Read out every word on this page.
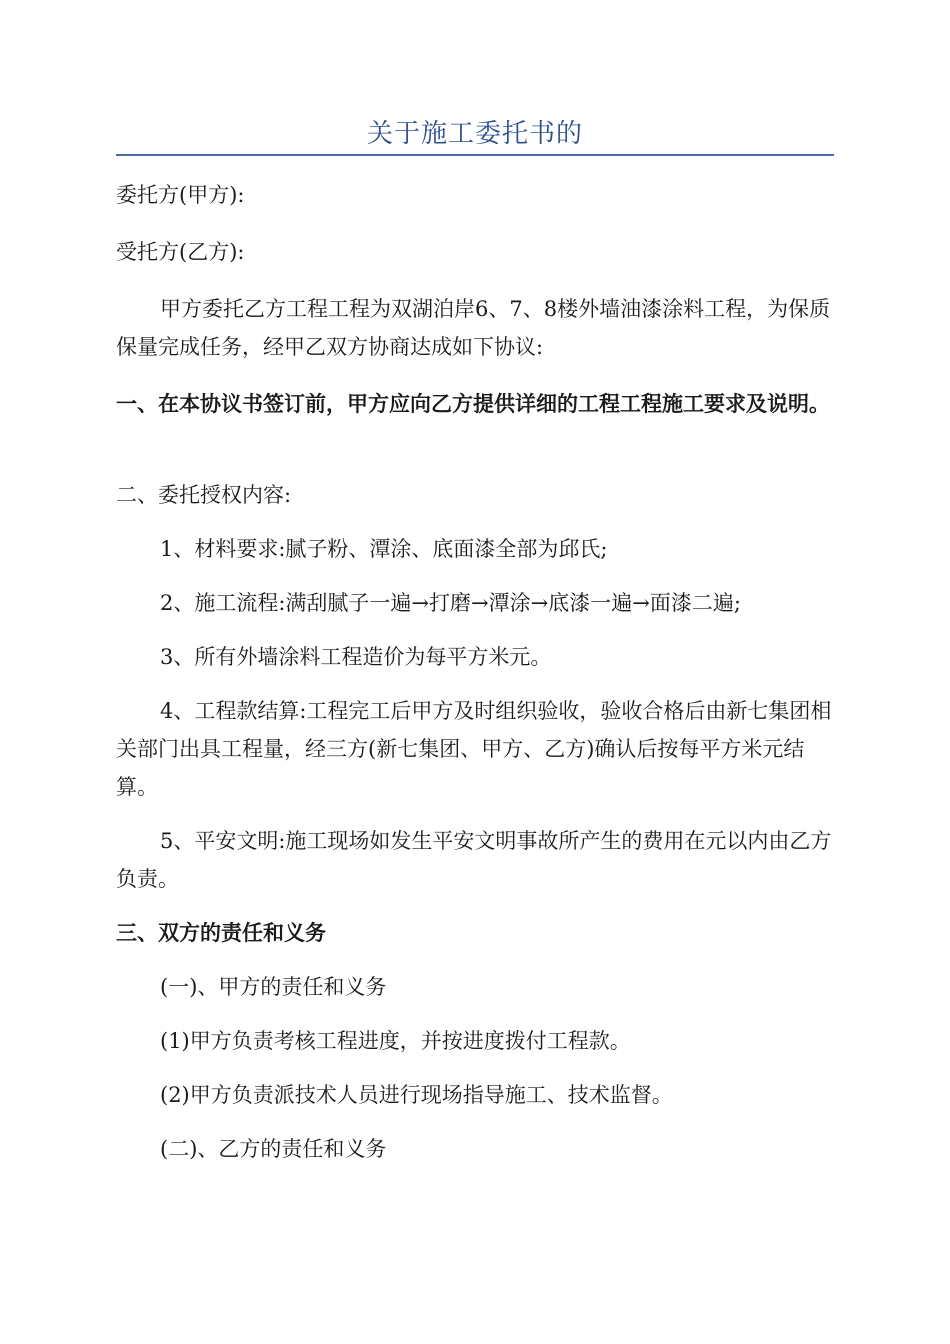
关于施工委托书的

委托方(甲方):

受托方(乙方):

甲方委托乙方工程工程为双湖泊岸6、7、8楼外墙油漆涂料工程，为保质保量完成任务，经甲乙双方协商达成如下协议:

一、在本协议书签订前，甲方应向乙方提供详细的工程工程施工要求及说明。

二、委托授权内容:

1、材料要求:腻子粉、潭涂、底面漆全部为邱氏;

2、施工流程:满刮腻子一遍→打磨→潭涂→底漆一遍→面漆二遍;

3、所有外墙涂料工程造价为每平方米元。

4、工程款结算:工程完工后甲方及时组织验收，验收合格后由新七集团相关部门出具工程量，经三方(新七集团、甲方、乙方)确认后按每平方米元结算。

5、平安文明:施工现场如发生平安文明事故所产生的费用在元以内由乙方负责。

三、双方的责任和义务

(一)、甲方的责任和义务

(1)甲方负责考核工程进度，并按进度拨付工程款。

(2)甲方负责派技术人员进行现场指导施工、技术监督。

(二)、乙方的责任和义务
